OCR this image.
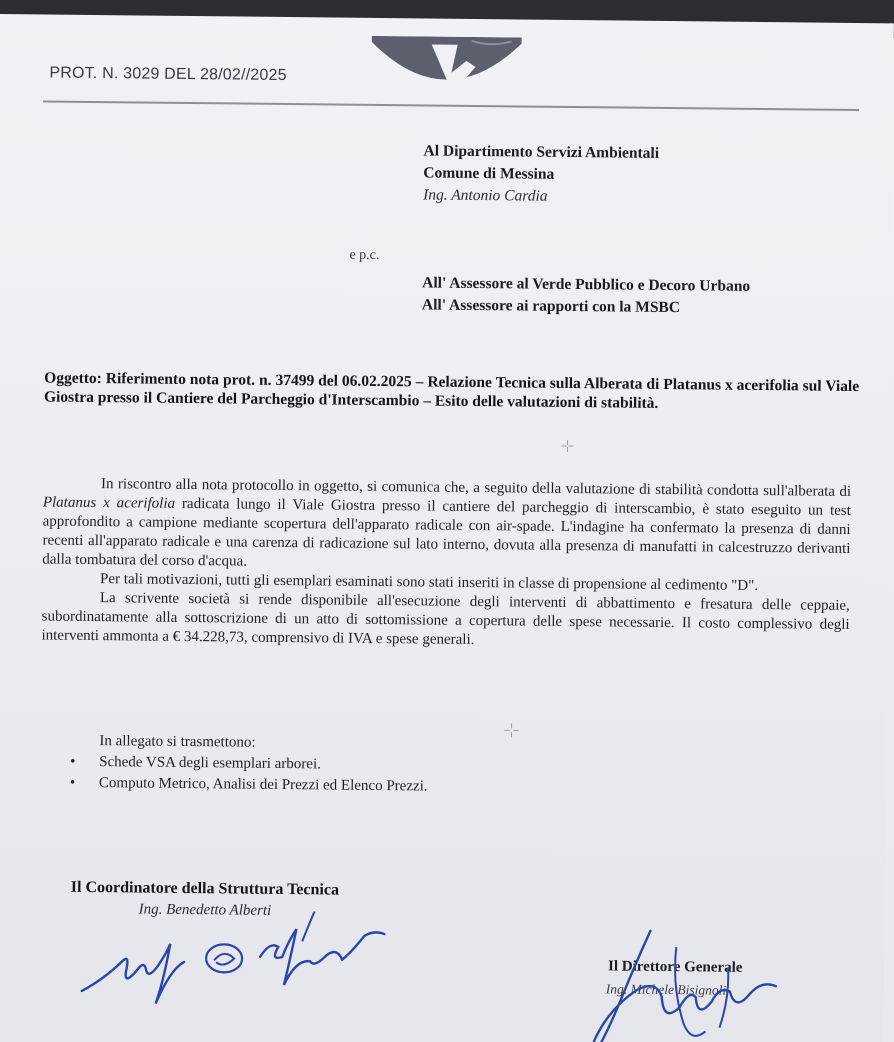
PROT. N. 3029 DEL 28/02//2025
Al Dipartimento Servizi Ambientali
Comune di Messina
Ing. Antonio Cardia
e p.c.
All' Assessore al Verde Pubblico e Decoro Urbano
All' Assessore ai rapporti con la MSBC
Oggetto: Riferimento nota prot. n. 37499 del 06.02.2025 – Relazione Tecnica sulla Alberata di Platanus x acerifolia sul Viale Giostra presso il Cantiere del Parcheggio d'Interscambio – Esito delle valutazioni di stabilità.

In riscontro alla nota protocollo in oggetto, si comunica che, a seguito della valutazione di stabilità condotta sull'alberata di Platanus x acerifolia radicata lungo il Viale Giostra presso il cantiere del parcheggio di interscambio, è stato eseguito un test approfondito a campione mediante scopertura dell'apparato radicale con air-spade. L'indagine ha confermato la presenza di danni recenti all'apparato radicale e una carenza di radicazione sul lato interno, dovuta alla presenza di manufatti in calcestruzzo derivanti dalla tombatura del corso d'acqua.

Per tali motivazioni, tutti gli esemplari esaminati sono stati inseriti in classe di propensione al cedimento "D".

La scrivente società si rende disponibile all'esecuzione degli interventi di abbattimento e fresatura delle ceppaie, subordinatamente alla sottoscrizione di un atto di sottomissione a copertura delle spese necessarie. Il costo complessivo degli interventi ammonta a € 34.228,73, comprensivo di IVA e spese generali.

In allegato si trasmettono:
• Schede VSA degli esemplari arborei.
• Computo Metrico, Analisi dei Prezzi ed Elenco Prezzi.
Il Coordinatore della Struttura Tecnica
Ing. Benedetto Alberti
Il Direttore Generale
Ing. Michele Bisignoli
